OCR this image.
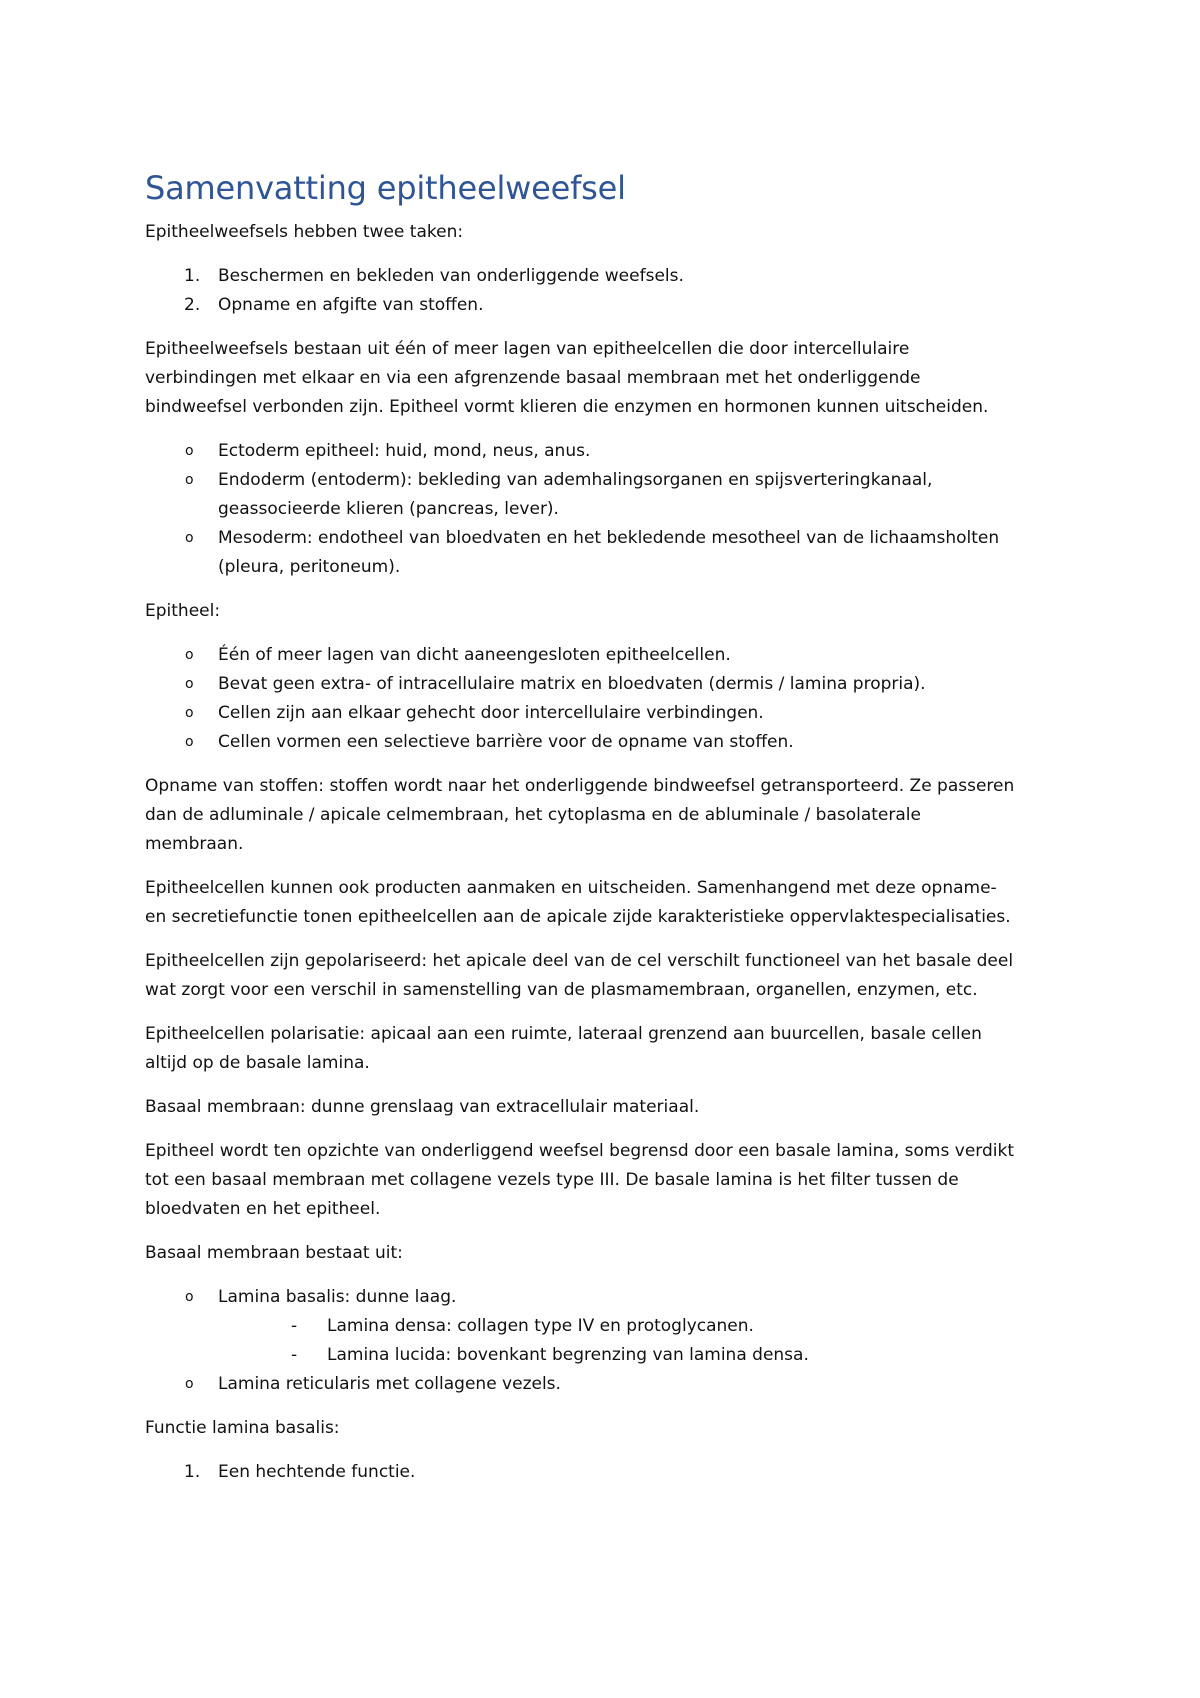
Samenvatting epitheelweefsel

Epitheelweefsels hebben twee taken:

1. Beschermen en bekleden van onderliggende weefsels.
2. Opname en afgifte van stoffen.

Epitheelweefsels bestaan uit één of meer lagen van epitheelcellen die door intercellulaire
verbindingen met elkaar en via een afgrenzende basaal membraan met het onderliggende
bindweefsel verbonden zijn. Epitheel vormt klieren die enzymen en hormonen kunnen uitscheiden.

o Ectoderm epitheel: huid, mond, neus, anus.
o Endoderm (entoderm): bekleding van ademhalingsorganen en spijsverteringkanaal,
geassocieerde klieren (pancreas, lever).
o Mesoderm: endotheel van bloedvaten en het bekledende mesotheel van de lichaamsholten
(pleura, peritoneum).

Epitheel:

o Één of meer lagen van dicht aaneengesloten epitheelcellen.
o Bevat geen extra- of intracellulaire matrix en bloedvaten (dermis / lamina propria).
o Cellen zijn aan elkaar gehecht door intercellulaire verbindingen.
o Cellen vormen een selectieve barrière voor de opname van stoffen.

Opname van stoffen: stoffen wordt naar het onderliggende bindweefsel getransporteerd. Ze passeren
dan de adluminale / apicale celmembraan, het cytoplasma en de abluminale / basolaterale
membraan.

Epitheelcellen kunnen ook producten aanmaken en uitscheiden. Samenhangend met deze opname-
en secretiefunctie tonen epitheelcellen aan de apicale zijde karakteristieke oppervlaktespecialisaties.

Epitheelcellen zijn gepolariseerd: het apicale deel van de cel verschilt functioneel van het basale deel
wat zorgt voor een verschil in samenstelling van de plasmamembraan, organellen, enzymen, etc.

Epitheelcellen polarisatie: apicaal aan een ruimte, lateraal grenzend aan buurcellen, basale cellen
altijd op de basale lamina.

Basaal membraan: dunne grenslaag van extracellulair materiaal.

Epitheel wordt ten opzichte van onderliggend weefsel begrensd door een basale lamina, soms verdikt
tot een basaal membraan met collagene vezels type III. De basale lamina is het filter tussen de
bloedvaten en het epitheel.

Basaal membraan bestaat uit:

o Lamina basalis: dunne laag.
- Lamina densa: collagen type IV en protoglycanen.
- Lamina lucida: bovenkant begrenzing van lamina densa.
o Lamina reticularis met collagene vezels.

Functie lamina basalis:

1. Een hechtende functie.
